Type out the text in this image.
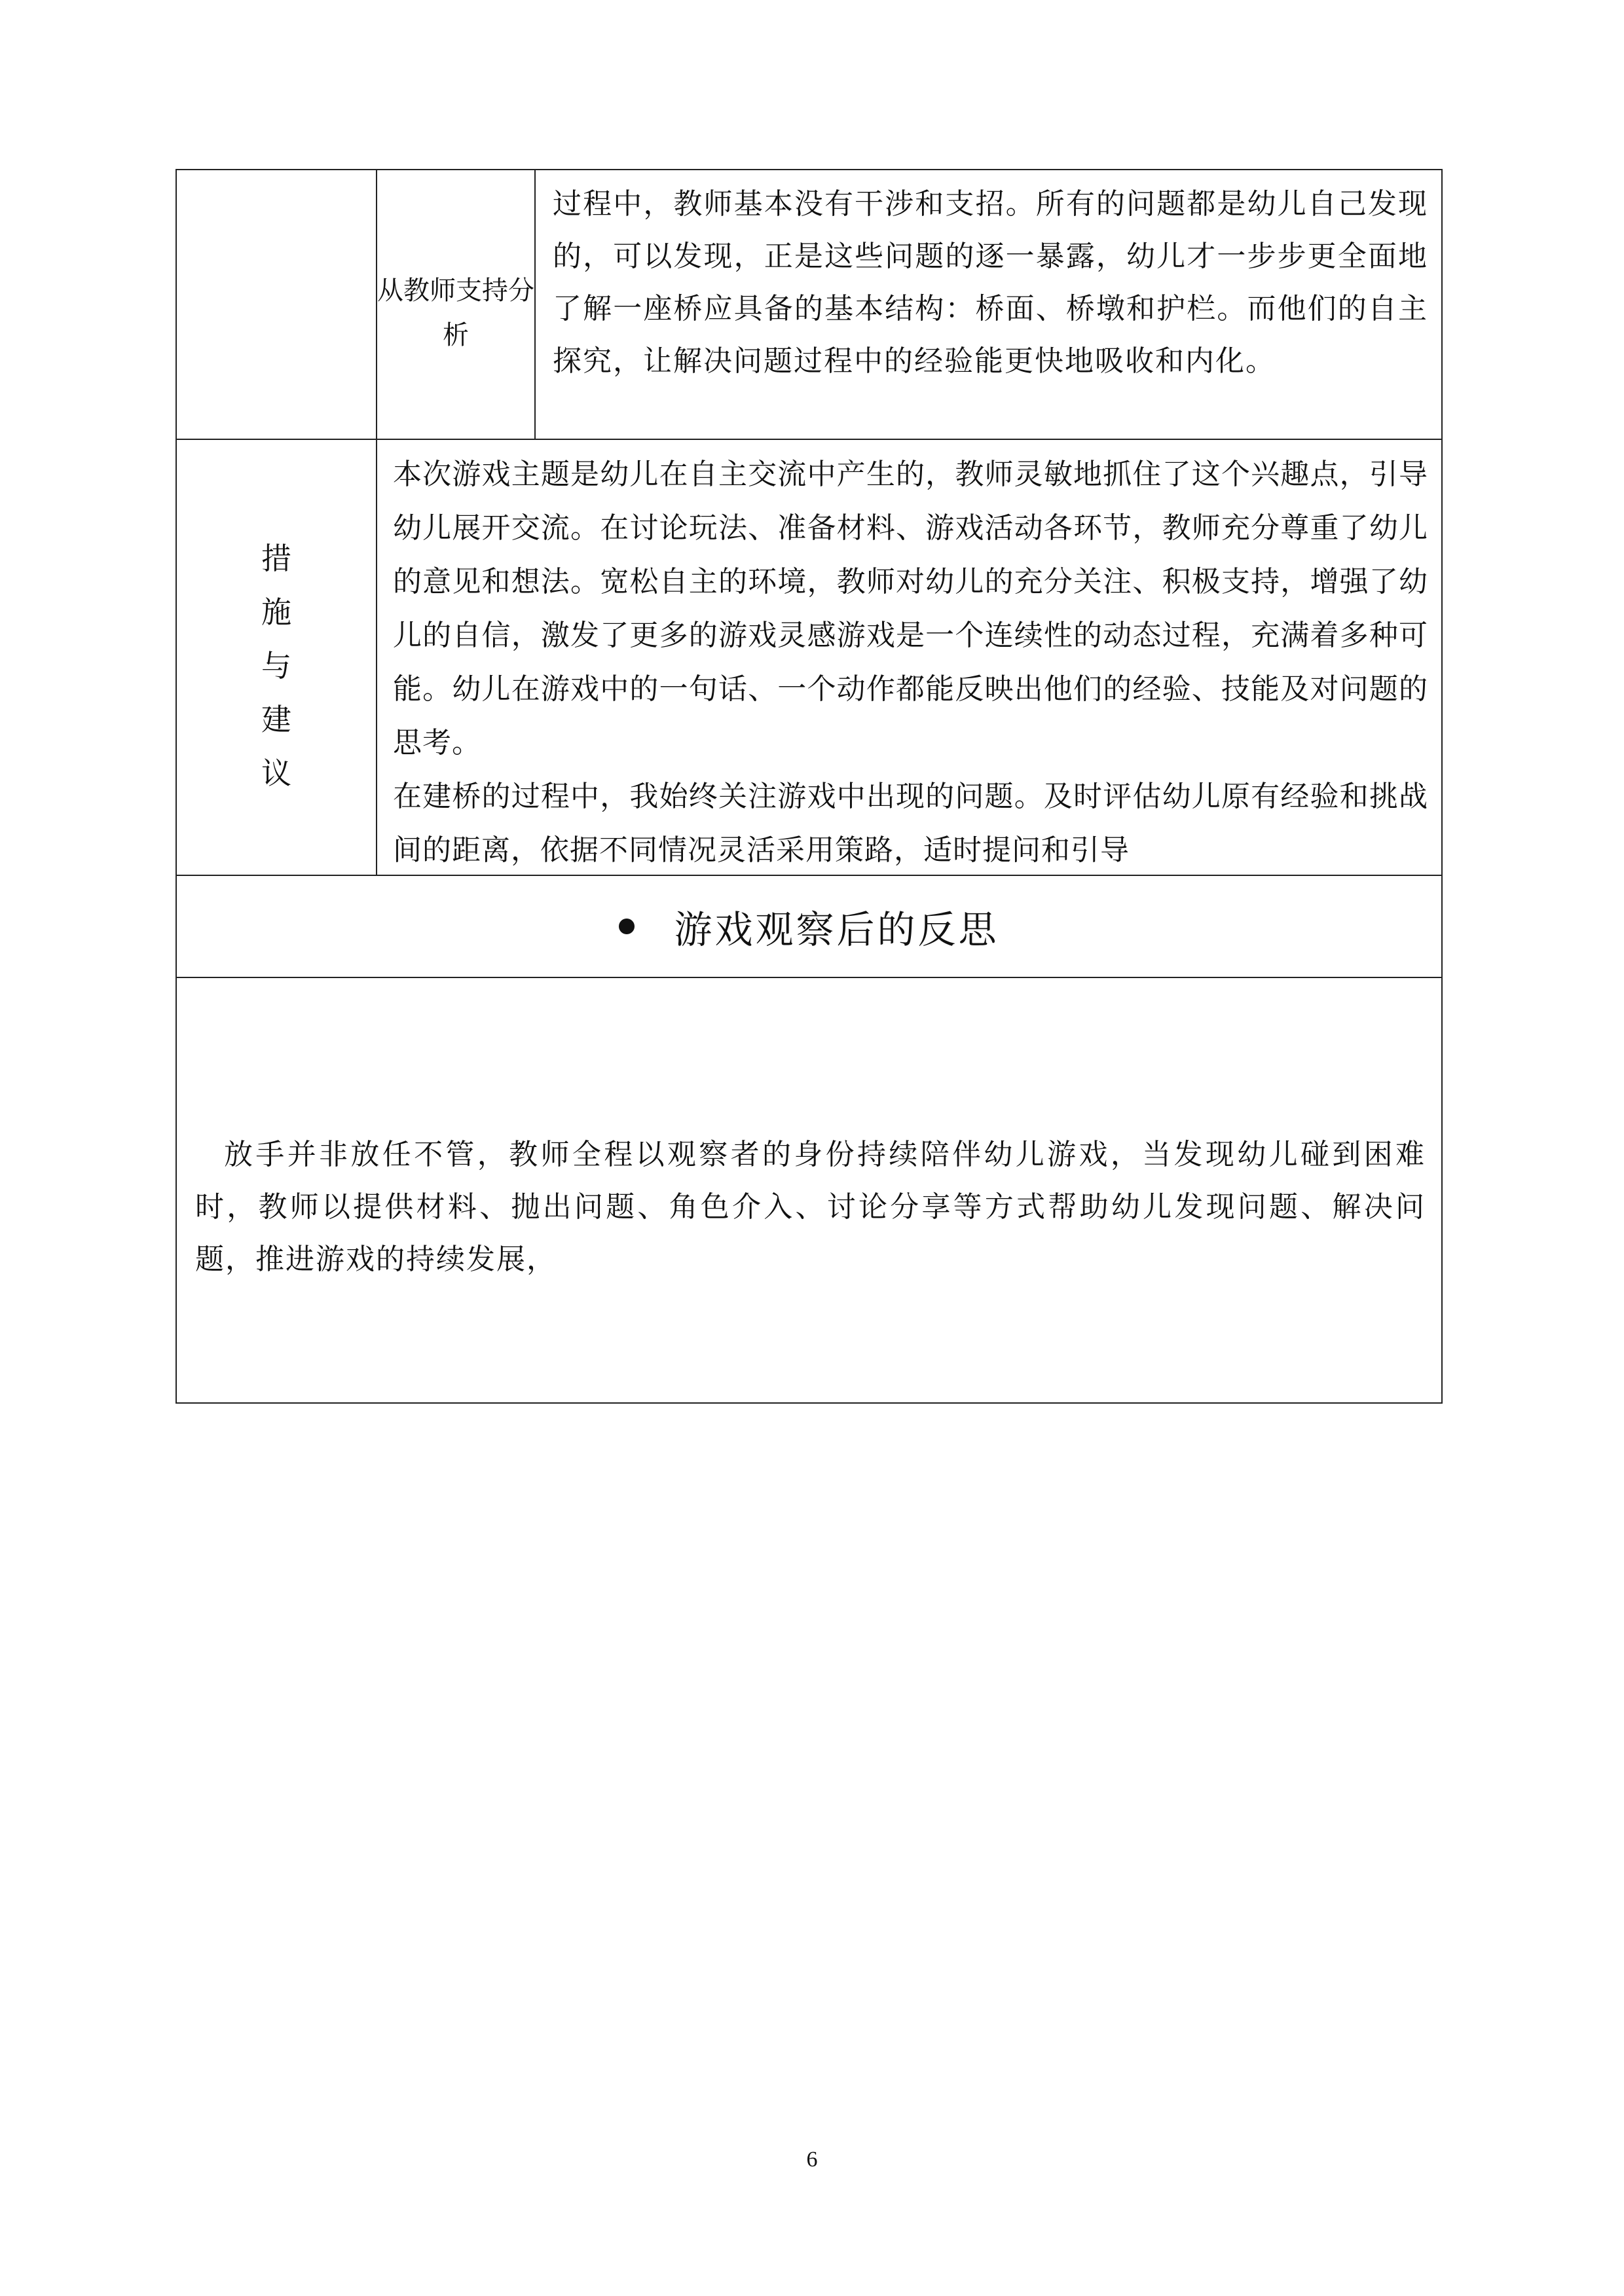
从教师支持分析

过程中，教师基本没有干涉和支招。所有的问题都是幼儿自己发现的，可以发现，正是这些问题的逐一暴露，幼儿才一步步更全面地了解一座桥应具备的基本结构：桥面、桥墩和护栏。而他们的自主探究，让解决问题过程中的经验能更快地吸收和内化。

措
施
与
建
议

本次游戏主题是幼儿在自主交流中产生的，教师灵敏地抓住了这个兴趣点，引导幼儿展开交流。在讨论玩法、准备材料、游戏活动各环节，教师充分尊重了幼儿的意见和想法。宽松自主的环境，教师对幼儿的充分关注、积极支持，增强了幼儿的自信，激发了更多的游戏灵感游戏是一个连续性的动态过程，充满着多种可能。幼儿在游戏中的一句话、一个动作都能反映出他们的经验、技能及对问题的思考。

在建桥的过程中，我始终关注游戏中出现的问题。及时评估幼儿原有经验和挑战间的距离，依据不同情况灵活采用策路，适时提问和引导

游戏观察后的反思

放手并非放任不管，教师全程以观察者的身份持续陪伴幼儿游戏，当发现幼儿碰到困难时，教师以提供材料、抛出问题、角色介入、讨论分享等方式帮助幼儿发现问题、解决问题，推进游戏的持续发展，

6
